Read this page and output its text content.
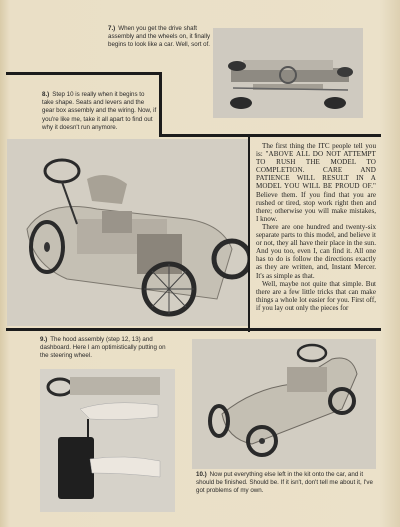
7.) When you get the drive shaft assembly and the wheels on, it finally begins to look like a car. Well, sort of.
8.) Step 10 is really when it begins to take shape. Seats and levers and the gear box assembly and the wiring. Now, if you're like me, take it all apart to find out why it doesn't run anymore.

The first thing the ITC people tell you is: "ABOVE ALL DO NOT ATTEMPT TO RUSH THE MODEL TO COMPLETION. CARE AND PATIENCE WILL RESULT IN A MODEL YOU WILL BE PROUD OF." Believe them. If you find that you are rushed or tired, stop work right then and there; otherwise you will make mistakes, I know.

There are one hundred and twenty-six separate parts to this model, and believe it or not, they all have their place in the sun. And you too, even I, can find it. All one has to do is follow the directions exactly as they are written, and, Instant Mercer. It's as simple as that.

Well, maybe not quite that simple. But there are a few little tricks that can make things a whole lot easier for you. First off, if you lay out only the pieces for

9.) The hood assembly (step 12, 13) and dashboard. Here I am optimistically putting on the steering wheel.
10.) Now put everything else left in the kit onto the car, and it should be finished. Should be. If it isn't, don't tell me about it, I've got problems of my own.
